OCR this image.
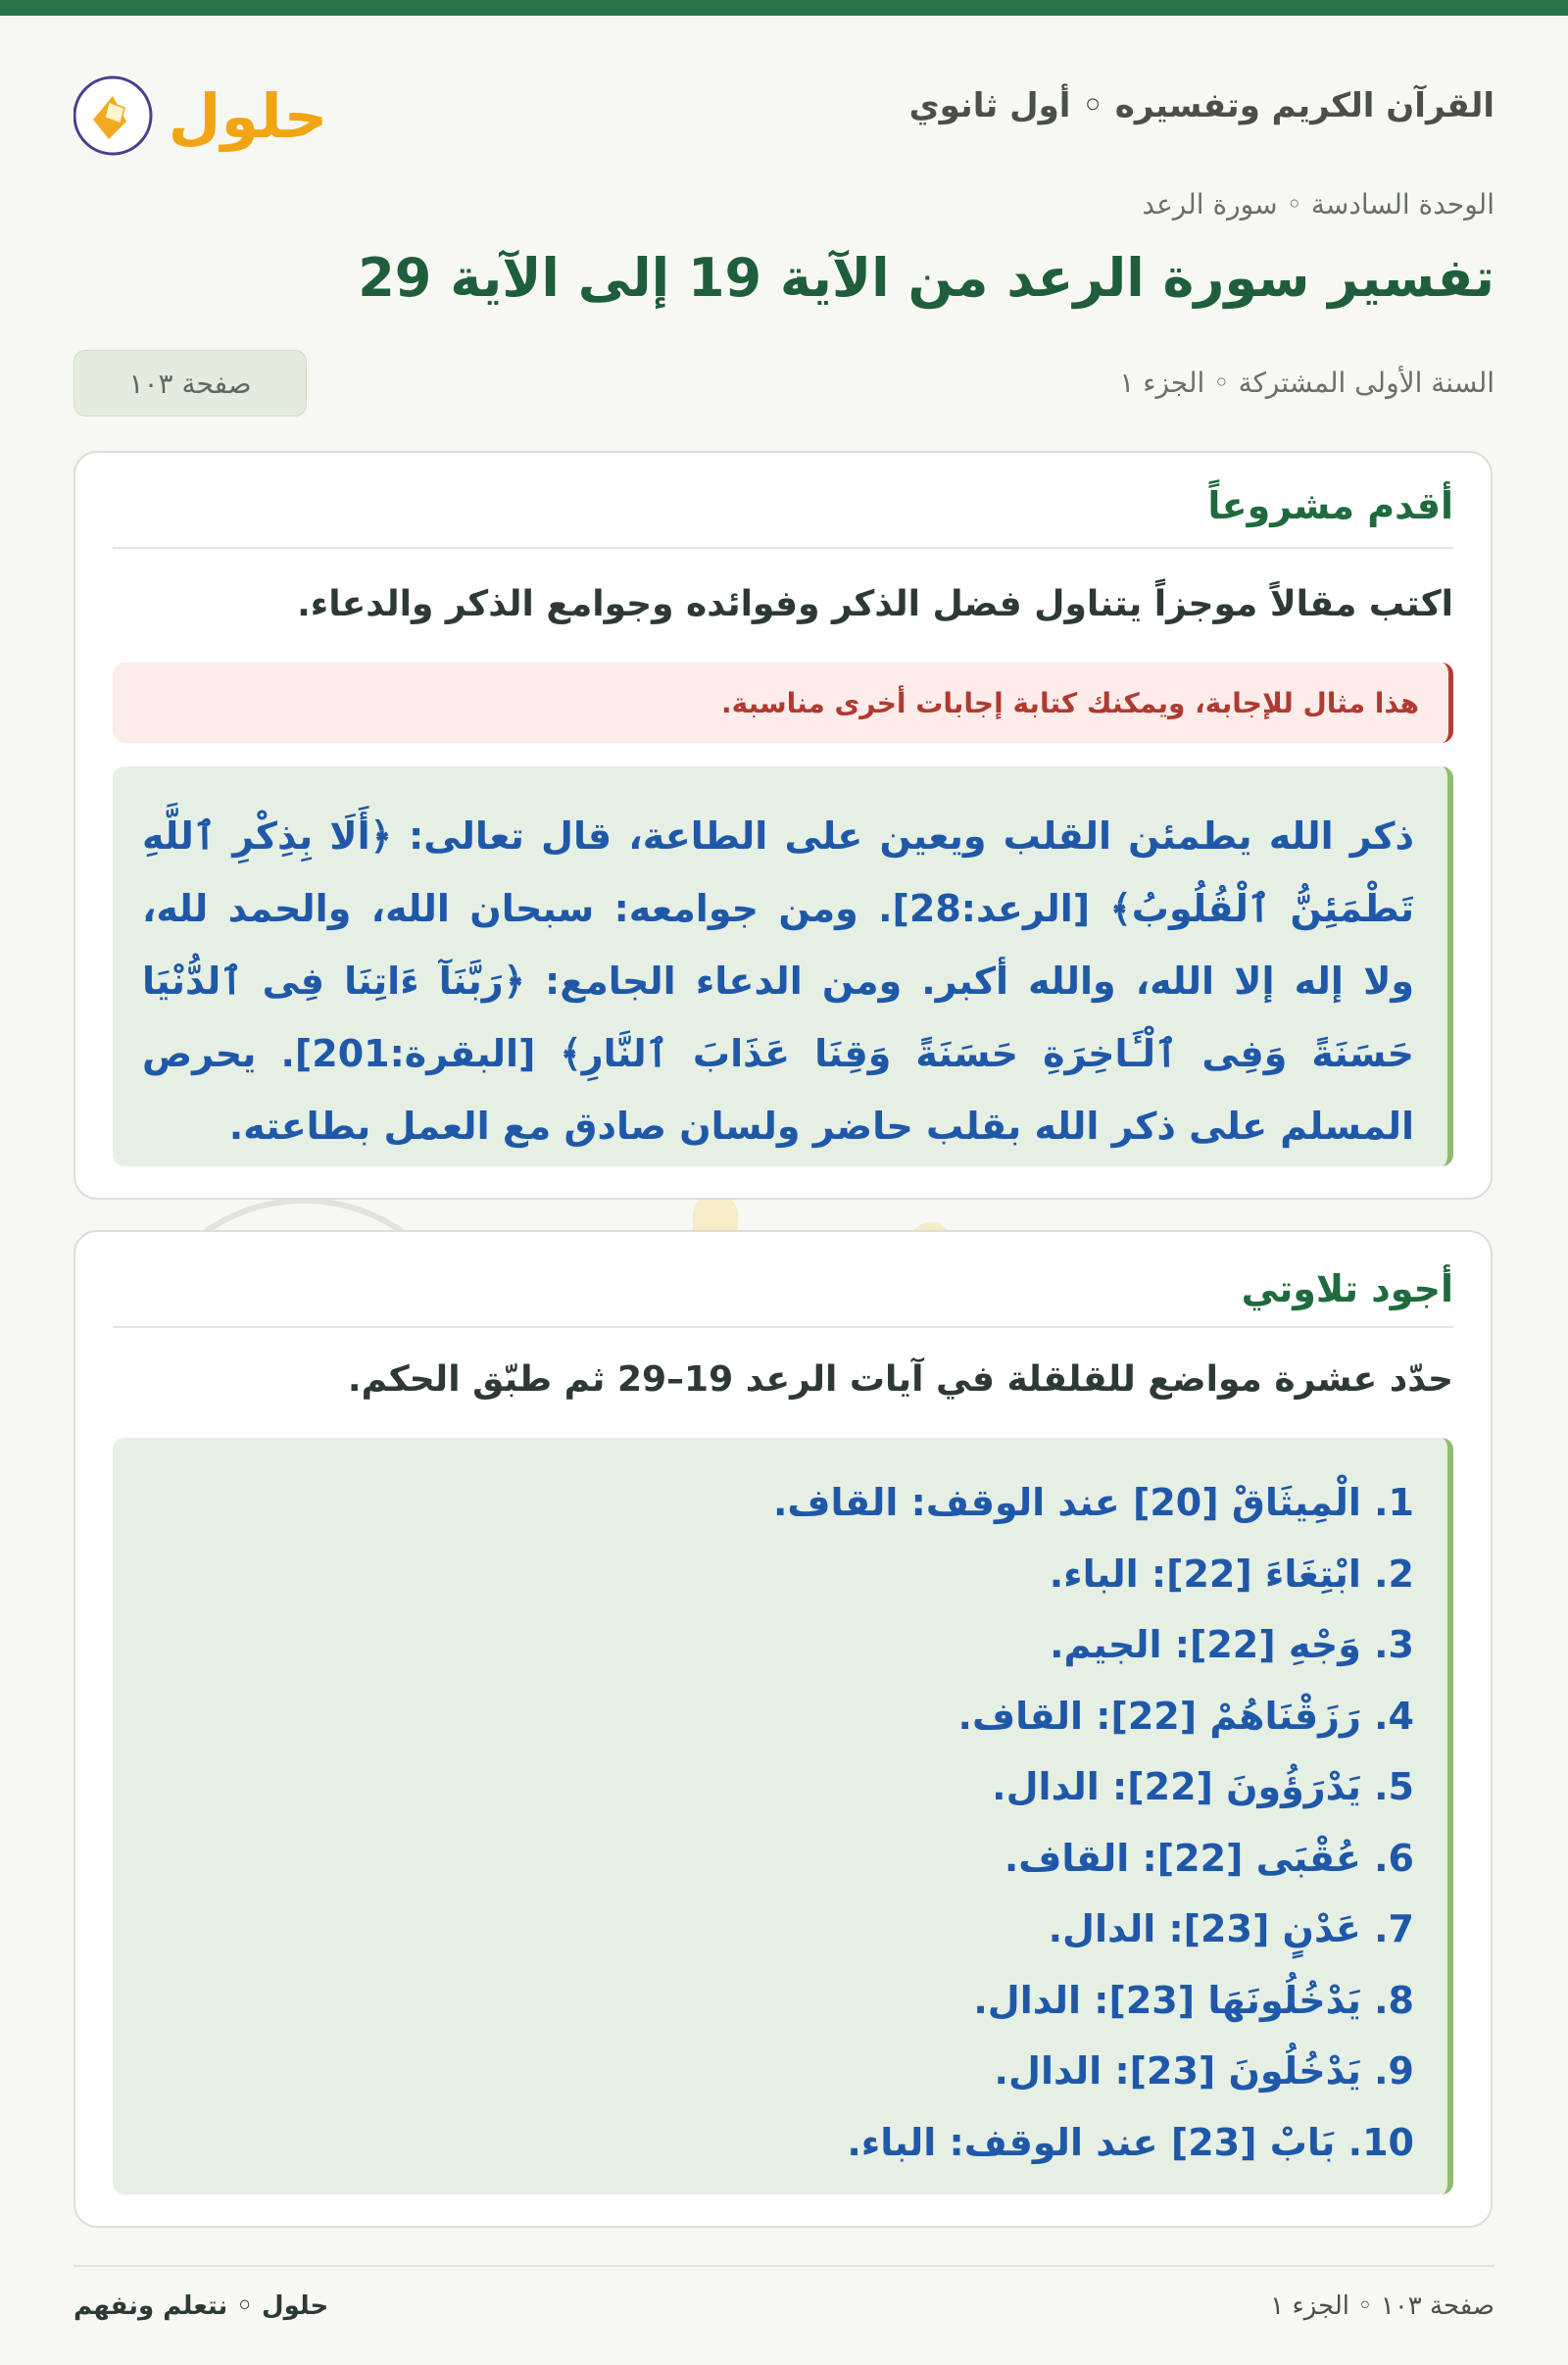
القرآن الكريم وتفسيره ◦ أول ثانوي
حلول
الوحدة السادسة ◦ سورة الرعد
تفسير سورة الرعد من الآية 19 إلى الآية 29
السنة الأولى المشتركة ◦ الجزء ١
صفحة ١٠٣
أقدم مشروعاً
اكتب مقالاً موجزاً يتناول فضل الذكر وفوائده وجوامع الذكر والدعاء.
هذا مثال للإجابة، ويمكنك كتابة إجابات أخرى مناسبة.
ذكر الله يطمئن القلب ويعين على الطاعة، قال تعالى: ﴿أَلَا بِذِكْرِ ٱللَّهِ تَطْمَئِنُّ ٱلْقُلُوبُ﴾ [الرعد:28]. ومن جوامعه: سبحان الله، والحمد لله، ولا إله إلا الله، والله أكبر. ومن الدعاء الجامع: ﴿رَبَّنَآ ءَاتِنَا فِى ٱلدُّنْيَا حَسَنَةً وَفِى ٱلْـَٔاخِرَةِ حَسَنَةً وَقِنَا عَذَابَ ٱلنَّارِ﴾ [البقرة:201]. يحرص المسلم على ذكر الله بقلب حاضر ولسان صادق مع العمل بطاعته.
أجود تلاوتي
حدّد عشرة مواضع للقلقلة في آيات الرعد 19–29 ثم طبّق الحكم.
1. الْمِيثَاقْ [20] عند الوقف: القاف.
2. ابْتِغَاءَ [22]: الباء.
3. وَجْهِ [22]: الجيم.
4. رَزَقْنَاهُمْ [22]: القاف.
5. يَدْرَؤُونَ [22]: الدال.
6. عُقْبَى [22]: القاف.
7. عَدْنٍ [23]: الدال.
8. يَدْخُلُونَهَا [23]: الدال.
9. يَدْخُلُونَ [23]: الدال.
10. بَابْ [23] عند الوقف: الباء.
صفحة ١٠٣ ◦ الجزء ١
حلول ◦ نتعلم ونفهم
